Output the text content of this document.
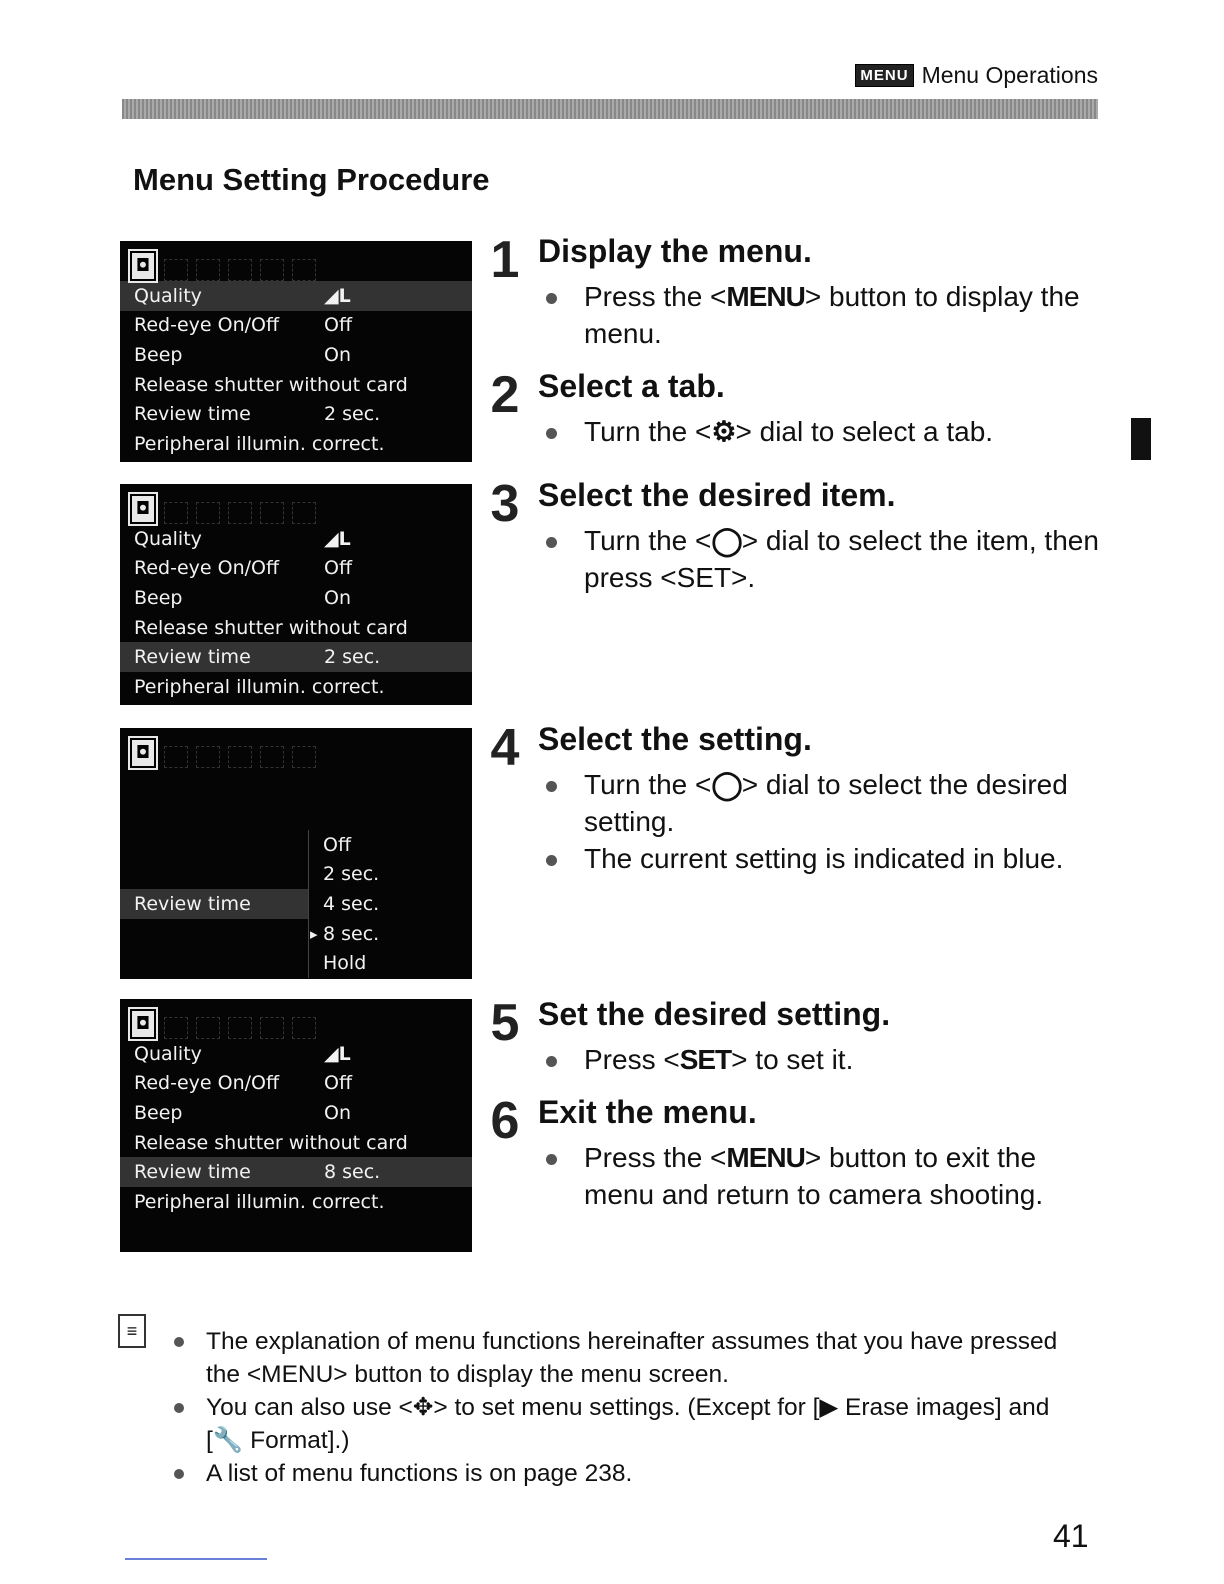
MENU Menu Operations
Menu Setting Procedure
◘
Quality	◢L
Red-eye On/Off	Off
Beep	On
Release shutter without card
Review time	2 sec.
Peripheral illumin. correct.
◘
Quality	◢L
Red-eye On/Off	Off
Beep	On
Release shutter without card
Review time	2 sec.
Peripheral illumin. correct.
◘
Review time
Off
2 sec.
4 sec.
▸ 8 sec.
Hold
◘
Quality	◢L
Red-eye On/Off	Off
Beep	On
Release shutter without card
Review time	8 sec.
Peripheral illumin. correct.
1 Display the menu.
Press the <MENU> button to display the menu.
2 Select a tab.
Turn the <⚙> dial to select a tab.
3 Select the desired item.
Turn the <◯> dial to select the item, then press <SET>.
4 Select the setting.
Turn the <◯> dial to select the desired setting.
The current setting is indicated in blue.
5 Set the desired setting.
Press <SET> to set it.
6 Exit the menu.
Press the <MENU> button to exit the menu and return to camera shooting.
≡	The explanation of menu functions hereinafter assumes that you have pressed the <MENU> button to display the menu screen.
You can also use <✥> to set menu settings. (Except for [▶ Erase images] and [🔧 Format].)
A list of menu functions is on page 238.
41
